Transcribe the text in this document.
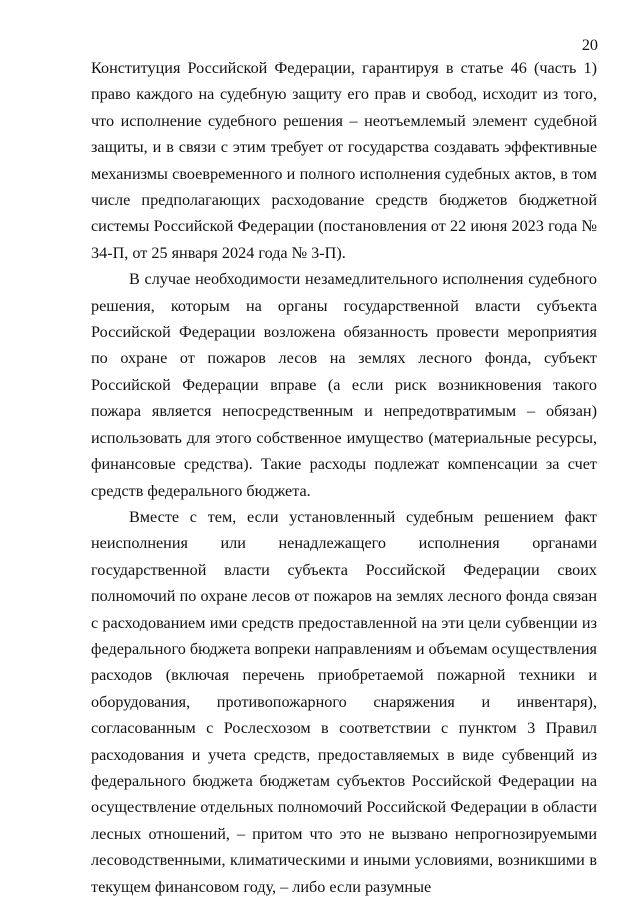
20

Конституция Российской Федерации, гарантируя в статье 46 (часть 1) право каждого на судебную защиту его прав и свобод, исходит из того, что исполнение судебного решения – неотъемлемый элемент судебной защиты, и в связи с этим требует от государства создавать эффективные механизмы своевременного и полного исполнения судебных актов, в том числе предполагающих расходование средств бюджетов бюджетной системы Российской Федерации (постановления от 22 июня 2023 года № 34-П, от 25 января 2024 года № 3-П).

В случае необходимости незамедлительного исполнения судебного решения, которым на органы государственной власти субъекта Российской Федерации возложена обязанность провести мероприятия по охране от пожаров лесов на землях лесного фонда, субъект Российской Федерации вправе (а если риск возникновения такого пожара является непосредственным и непредотвратимым – обязан) использовать для этого собственное имущество (материальные ресурсы, финансовые средства). Такие расходы подлежат компенсации за счет средств федерального бюджета.

Вместе с тем, если установленный судебным решением факт неисполнения или ненадлежащего исполнения органами государственной власти субъекта Российской Федерации своих полномочий по охране лесов от пожаров на землях лесного фонда связан с расходованием ими средств предоставленной на эти цели субвенции из федерального бюджета вопреки направлениям и объемам осуществления расходов (включая перечень приобретаемой пожарной техники и оборудования, противопожарного снаряжения и инвентаря), согласованным с Рослесхозом в соответствии с пунктом 3 Правил расходования и учета средств, предоставляемых в виде субвенций из федерального бюджета бюджетам субъектов Российской Федерации на осуществление отдельных полномочий Российской Федерации в области лесных отношений, – притом что это не вызвано непрогнозируемыми лесоводственными, климатическими и иными условиями, возникшими в текущем финансовом году, – либо если разумные
